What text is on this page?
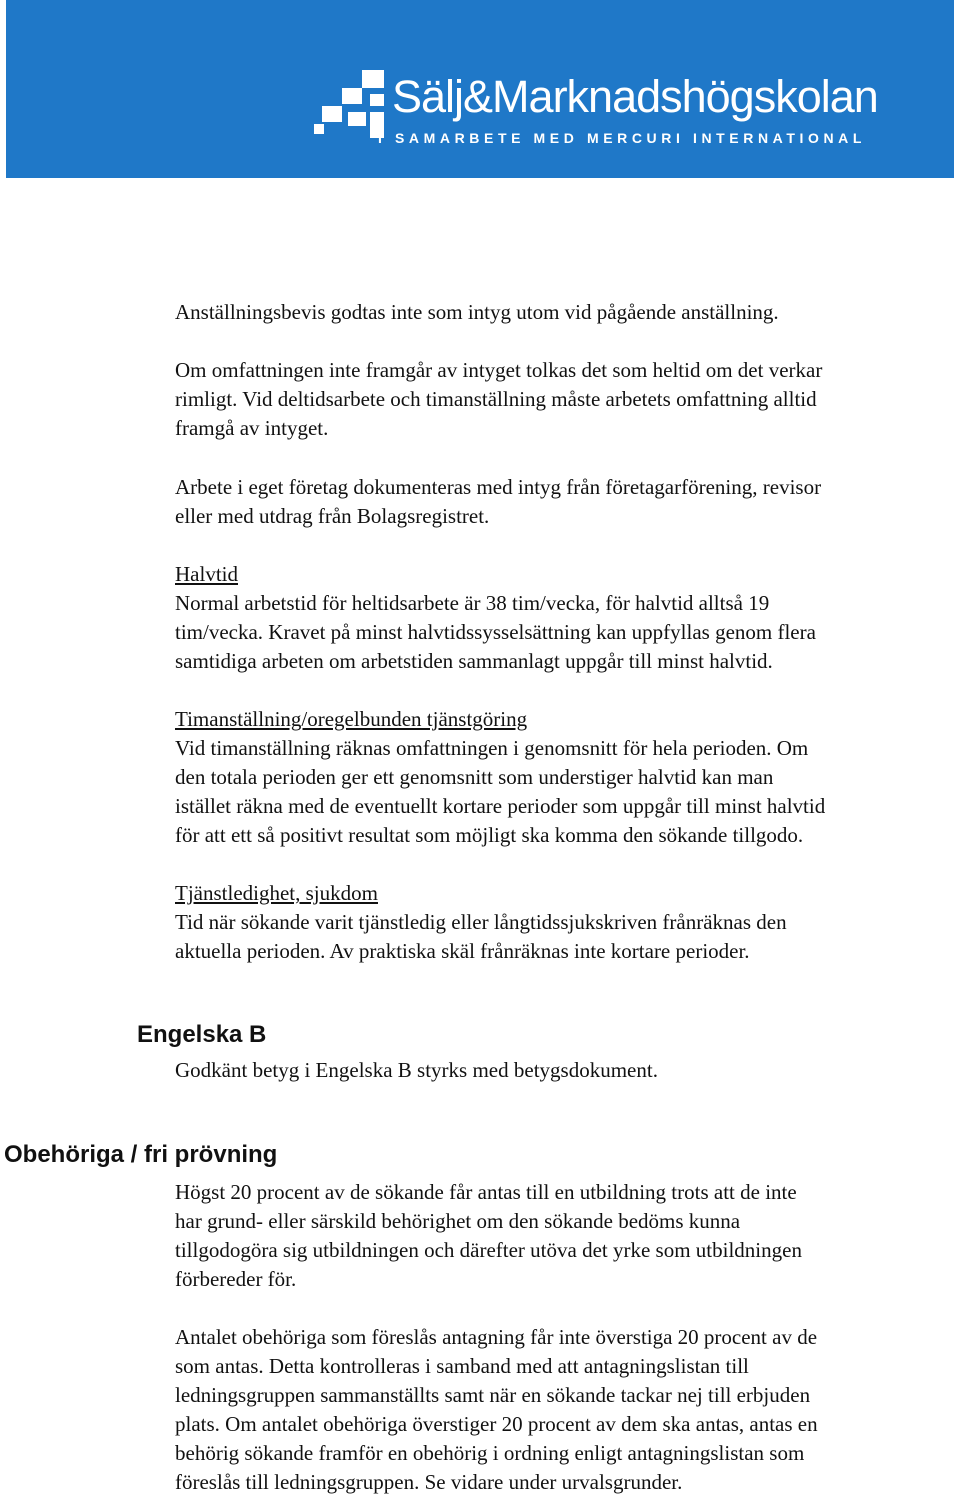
Sälj&Marknadshögskolan
I SAMARBETE MED MERCURI INTERNATIONAL

Anställningsbevis godtas inte som intyg utom vid pågående anställning.

Om omfattningen inte framgår av intyget tolkas det som heltid om det verkar
rimligt. Vid deltidsarbete och timanställning måste arbetets omfattning alltid
framgå av intyget.

Arbete i eget företag dokumenteras med intyg från företagarförening, revisor
eller med utdrag från Bolagsregistret.

Halvtid
Normal arbetstid för heltidsarbete är 38 tim/vecka, för halvtid alltså 19
tim/vecka. Kravet på minst halvtidssysselsättning kan uppfyllas genom flera
samtidiga arbeten om arbetstiden sammanlagt uppgår till minst halvtid.

Timanställning/oregelbunden tjänstgöring
Vid timanställning räknas omfattningen i genomsnitt för hela perioden. Om
den totala perioden ger ett genomsnitt som understiger halvtid kan man
istället räkna med de eventuellt kortare perioder som uppgår till minst halvtid
för att ett så positivt resultat som möjligt ska komma den sökande tillgodo.

Tjänstledighet, sjukdom
Tid när sökande varit tjänstledig eller långtidssjukskriven frånräknas den
aktuella perioden. Av praktiska skäl frånräknas inte kortare perioder.

Engelska B

Godkänt betyg i Engelska B styrks med betygsdokument.

Obehöriga / fri prövning

Högst 20 procent av de sökande får antas till en utbildning trots att de inte
har grund- eller särskild behörighet om den sökande bedöms kunna
tillgodogöra sig utbildningen och därefter utöva det yrke som utbildningen
förbereder för.

Antalet obehöriga som föreslås antagning får inte överstiga 20 procent av de
som antas. Detta kontrolleras i samband med att antagningslistan till
ledningsgruppen sammanställts samt när en sökande tackar nej till erbjuden
plats. Om antalet obehöriga överstiger 20 procent av dem ska antas, antas en
behörig sökande framför en obehörig i ordning enligt antagningslistan som
föreslås till ledningsgruppen. Se vidare under urvalsgrunder.
